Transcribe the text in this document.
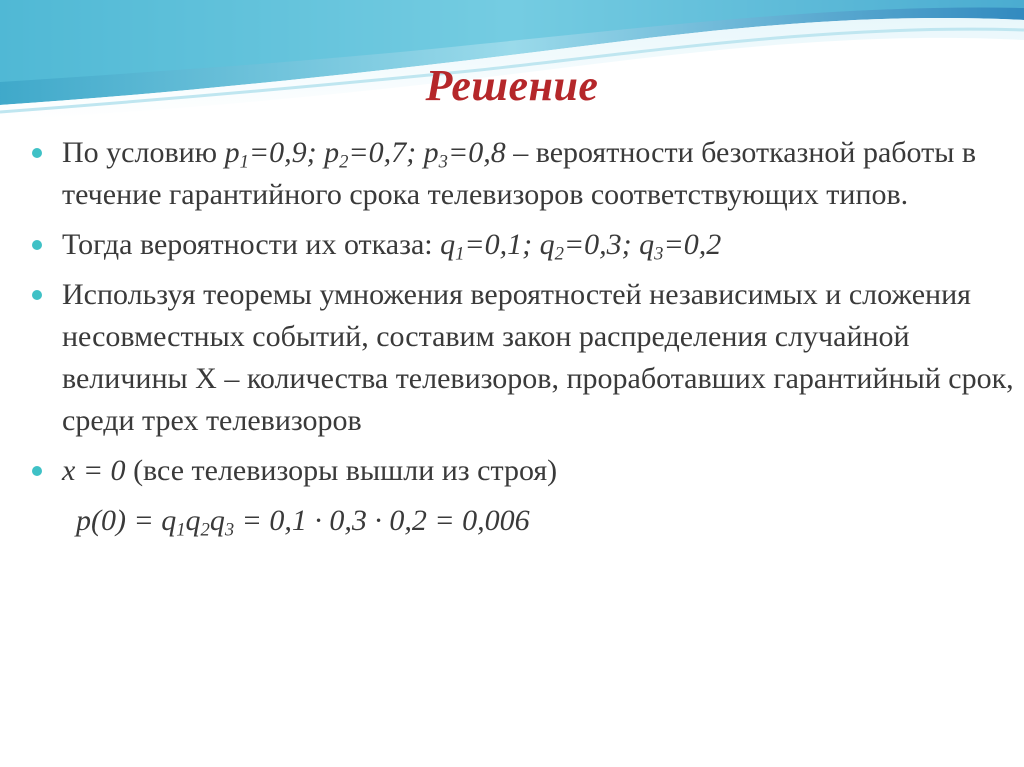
Решение
По условию $p_1=0,9$; $p_2=0,7$; $p_3=0,8$ – вероятности безотказной работы в течение гарантийного срока телевизоров соответствующих типов.
Тогда вероятности их отказа: $q_1=0,1$; $q_2=0,3$; $q_3=0,2$
Используя теоремы умножения вероятностей независимых и сложения несовместных событий, составим закон распределения случайной величины Х – количества телевизоров, проработавших гарантийный срок, среди трех телевизоров
x = 0 (все телевизоры вышли из строя)
$p(0) = q_1q_2q_3 = 0,1 \cdot 0,3 \cdot 0,2 = 0,006$
